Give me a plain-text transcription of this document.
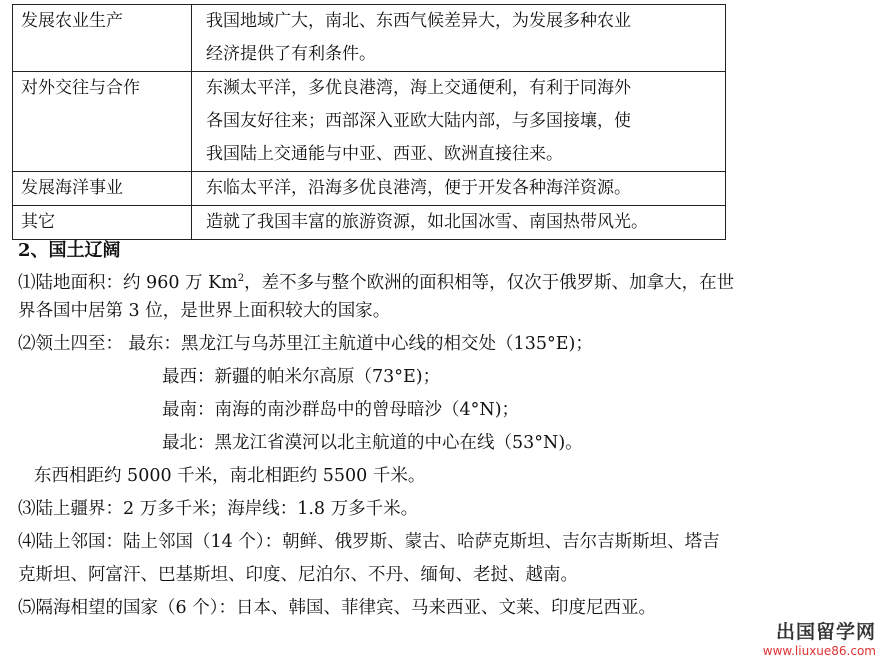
发展农业生产	我国地域广大，南北、东西气候差异大，为发展多种农业
经济提供了有利条件。

对外交往与合作	东濒太平洋，多优良港湾，海上交通便利，有利于同海外
各国友好往来；西部深入亚欧大陆内部，与多国接壤，使
我国陆上交通能与中亚、西亚、欧洲直接往来。

发展海洋事业	东临太平洋，沿海多优良港湾，便于开发各种海洋资源。

其它	造就了我国丰富的旅游资源，如北国冰雪、南国热带风光。
2、国土辽阔
⑴陆地面积：约 960 万 Km$^2$，差不多与整个欧洲的面积相等，仅次于俄罗斯、加拿大，在世
界各国中居第 3 位，是世界上面积较大的国家。
⑵领土四至： 最东：黑龙江与乌苏里江主航道中心线的相交处（135°E)；
最西：新疆的帕米尔高原（73°E)；
最南：南海的南沙群岛中的曾母暗沙（4°N)；
最北：黑龙江省漠河以北主航道的中心在线（53°N)。
东西相距约 5000 千米，南北相距约 5500 千米。
⑶陆上疆界：2 万多千米；海岸线：1.8 万多千米。
⑷陆上邻国：陆上邻国（14 个）：朝鲜、俄罗斯、蒙古、哈萨克斯坦、吉尔吉斯斯坦、塔吉
克斯坦、阿富汗、巴基斯坦、印度、尼泊尔、不丹、缅甸、老挝、越南。
⑸隔海相望的国家（6 个）：日本、韩国、菲律宾、马来西亚、文莱、印度尼西亚。
出国留学网
www.liuxue86.com
